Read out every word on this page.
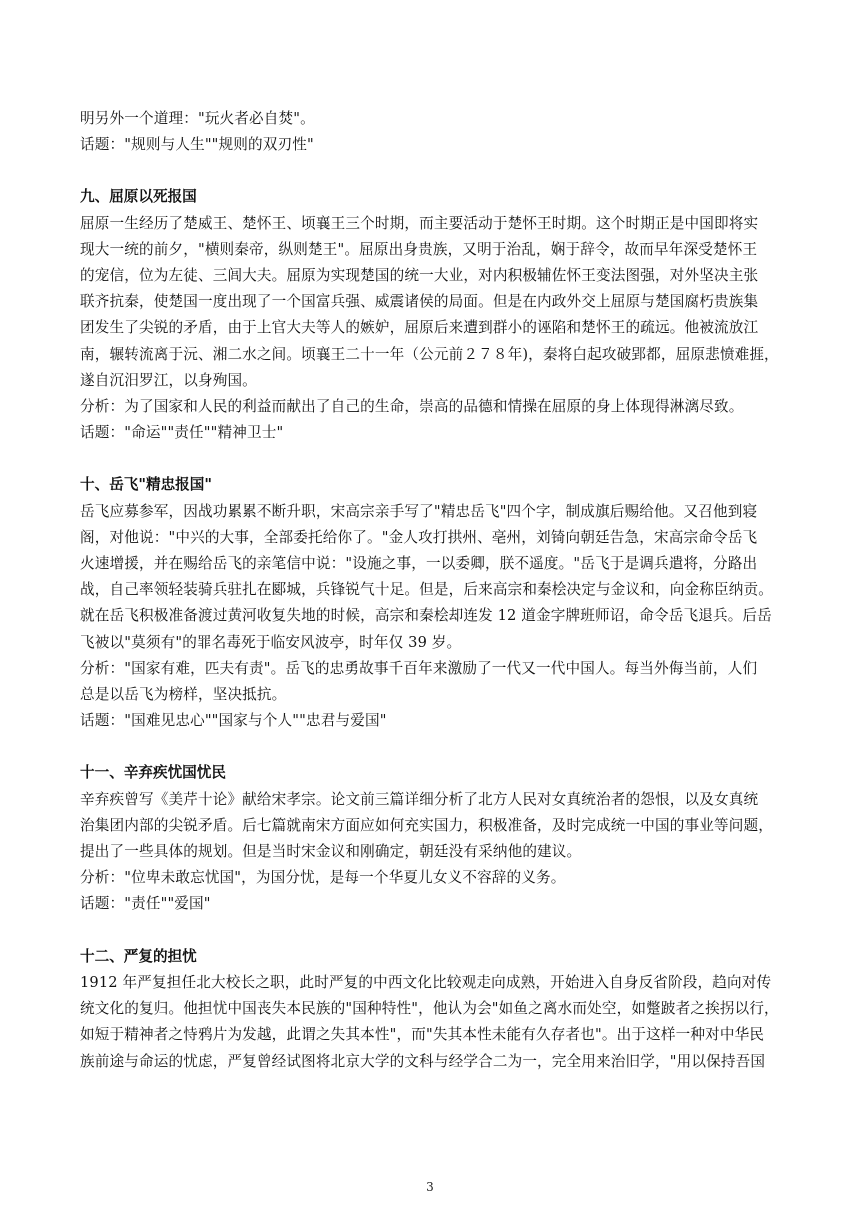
明另外一个道理："玩火者必自焚"。

话题："规则与人生""规则的双刃性"

九、屈原以死报国

屈原一生经历了楚威王、楚怀王、顷襄王三个时期，而主要活动于楚怀王时期。这个时期正是中国即将实

现大一统的前夕，"横则秦帝，纵则楚王"。屈原出身贵族，又明于治乱，娴于辞令，故而早年深受楚怀王

的宠信，位为左徒、三闾大夫。屈原为实现楚国的统一大业，对内积极辅佐怀王变法图强，对外坚决主张

联齐抗秦，使楚国一度出现了一个国富兵强、威震诸侯的局面。但是在内政外交上屈原与楚国腐朽贵族集

团发生了尖锐的矛盾，由于上官大夫等人的嫉妒，屈原后来遭到群小的诬陷和楚怀王的疏远。他被流放江

南，辗转流离于沅、湘二水之间。顷襄王二十一年（公元前２７８年)，秦将白起攻破郢都，屈原悲愤难捱，

遂自沉汨罗江，以身殉国。

分析：为了国家和人民的利益而献出了自己的生命，崇高的品德和情操在屈原的身上体现得淋漓尽致。

话题："命运""责任""精神卫士"

十、岳飞"精忠报国"

岳飞应募参军，因战功累累不断升职，宋高宗亲手写了"精忠岳飞"四个字，制成旗后赐给他。又召他到寝

阁，对他说："中兴的大事，全部委托给你了。"金人攻打拱州、亳州，刘锜向朝廷告急，宋高宗命令岳飞

火速增援，并在赐给岳飞的亲笔信中说："设施之事，一以委卿，朕不遥度。"岳飞于是调兵遣将，分路出

战，自己率领轻装骑兵驻扎在郾城，兵锋锐气十足。但是，后来高宗和秦桧决定与金议和，向金称臣纳贡。

就在岳飞积极准备渡过黄河收复失地的时候，高宗和秦桧却连发 12 道金字牌班师诏，命令岳飞退兵。后岳

飞被以"莫须有"的罪名毒死于临安风波亭，时年仅 39 岁。

分析："国家有难，匹夫有责"。岳飞的忠勇故事千百年来激励了一代又一代中国人。每当外侮当前，人们

总是以岳飞为榜样，坚决抵抗。

话题："国难见忠心""国家与个人""忠君与爱国"

十一、辛弃疾忧国忧民

辛弃疾曾写《美芹十论》献给宋孝宗。论文前三篇详细分析了北方人民对女真统治者的怨恨，以及女真统

治集团内部的尖锐矛盾。后七篇就南宋方面应如何充实国力，积极准备，及时完成统一中国的事业等问题，

提出了一些具体的规划。但是当时宋金议和刚确定，朝廷没有采纳他的建议。

分析："位卑未敢忘忧国"，为国分忧，是每一个华夏儿女义不容辞的义务。

话题："责任""爱国"

十二、严复的担忧

1912 年严复担任北大校长之职，此时严复的中西文化比较观走向成熟，开始进入自身反省阶段，趋向对传

统文化的复归。他担忧中国丧失本民族的"国种特性"，他认为会"如鱼之离水而处空，如蹩跛者之挨拐以行，

如短于精神者之恃鸦片为发越，此谓之失其本性"，而"失其本性未能有久存者也"。出于这样一种对中华民

族前途与命运的忧虑，严复曾经试图将北京大学的文科与经学合二为一，完全用来治旧学，"用以保持吾国

3
